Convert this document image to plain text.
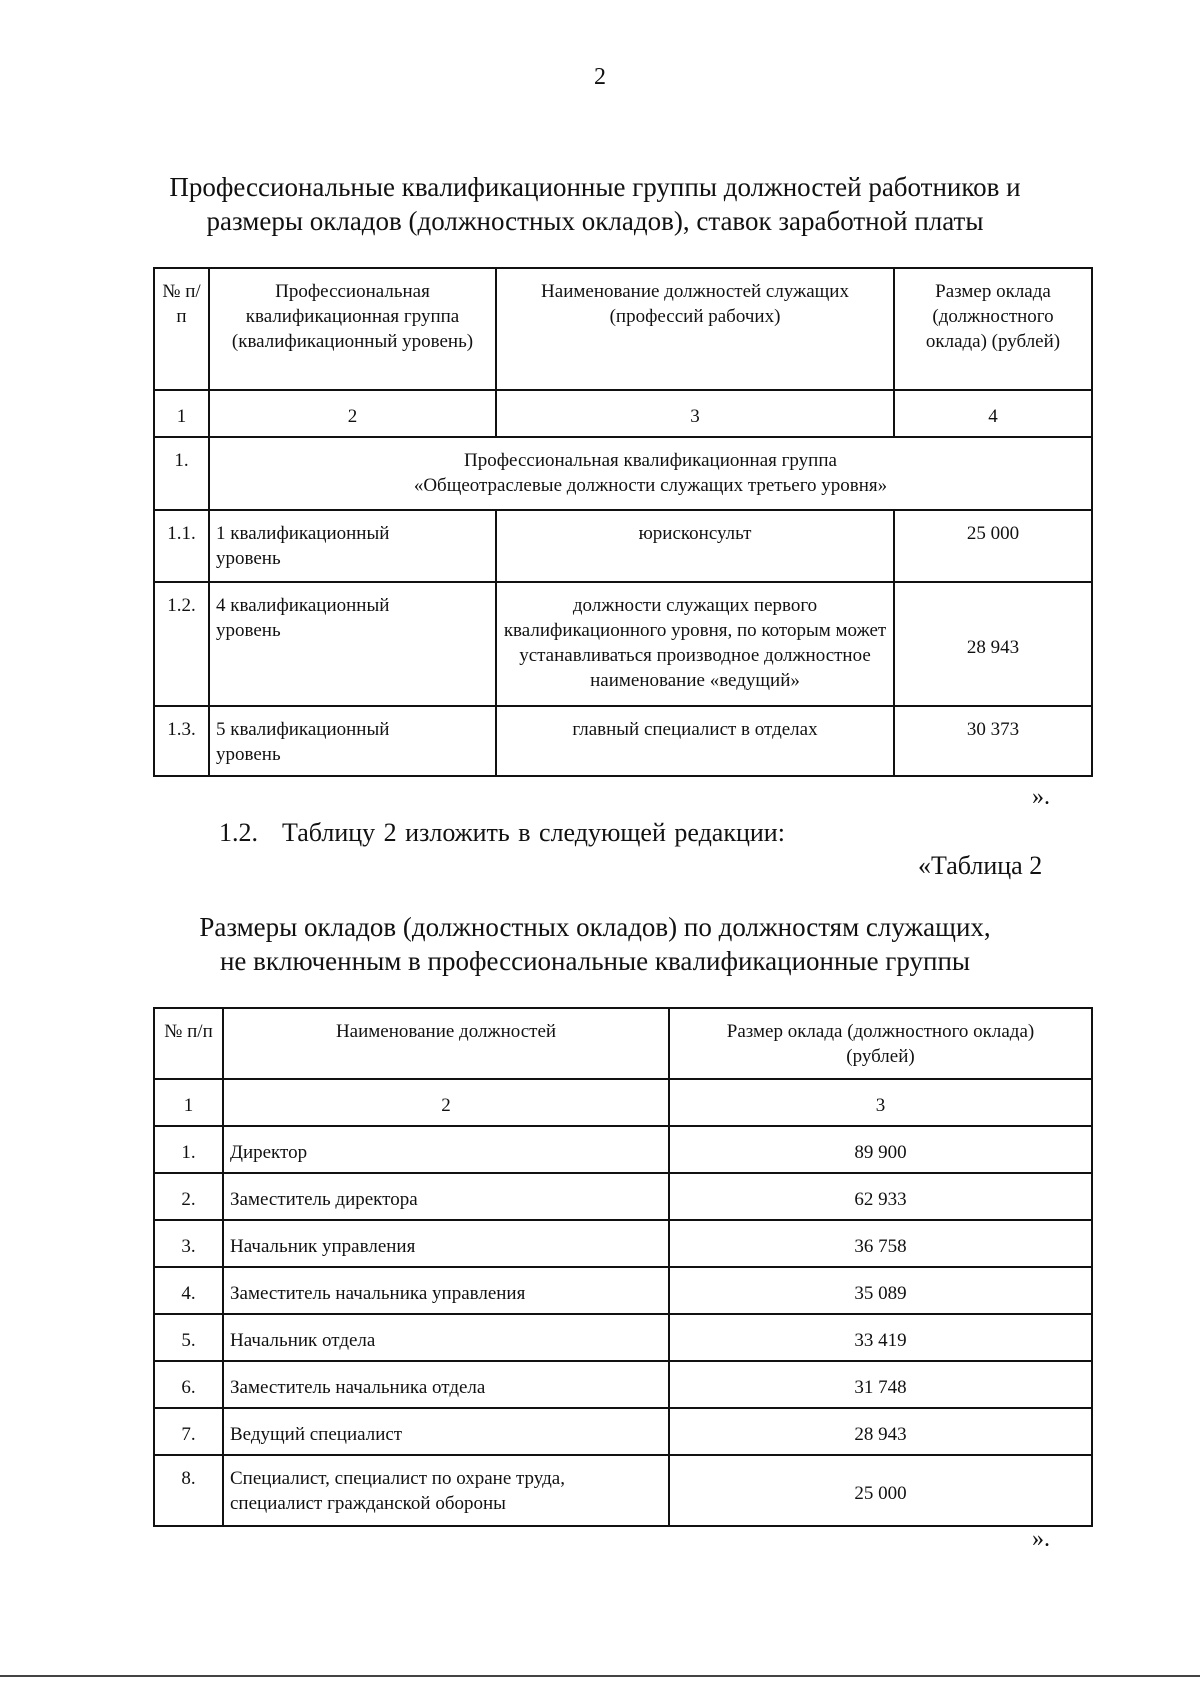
2
Профессиональные квалификационные группы должностей работников и
размеры окладов (должностных окладов), ставок заработной платы
№ п/п	Профессиональная квалификационная группа (квалификационный уровень)	Наименование должностей служащих (профессий рабочих)	Размер оклада (должностного оклада) (рублей)
1	2	3	4
1.	Профессиональная квалификационная группа
«Общеотраслевые должности служащих третьего уровня»		

1.1.	1 квалификационный уровень	юрисконсульт	25 000
1.2.	4 квалификационный уровень	должности служащих первого квалификационного уровня, по которым может устанавливаться производное должностное наименование «ведущий»	28 943
1.3.	5 квалификационный уровень	главный специалист в отделах	30 373
».
1.2. Таблицу 2 изложить в следующей редакции:
«Таблица 2
Размеры окладов (должностных окладов) по должностям служащих,
не включенным в профессиональные квалификационные группы
№ п/п	Наименование должностей	Размер оклада (должностного оклада) (рублей)

1	2	3
1.	Директор	89 900
2.	Заместитель директора	62 933
3.	Начальник управления	36 758
4.	Заместитель начальника управления	35 089
5.	Начальник отдела	33 419
6.	Заместитель начальника отдела	31 748
7.	Ведущий специалист	28 943
8.	Специалист, специалист по охране труда, специалист гражданской обороны	25 000
».
